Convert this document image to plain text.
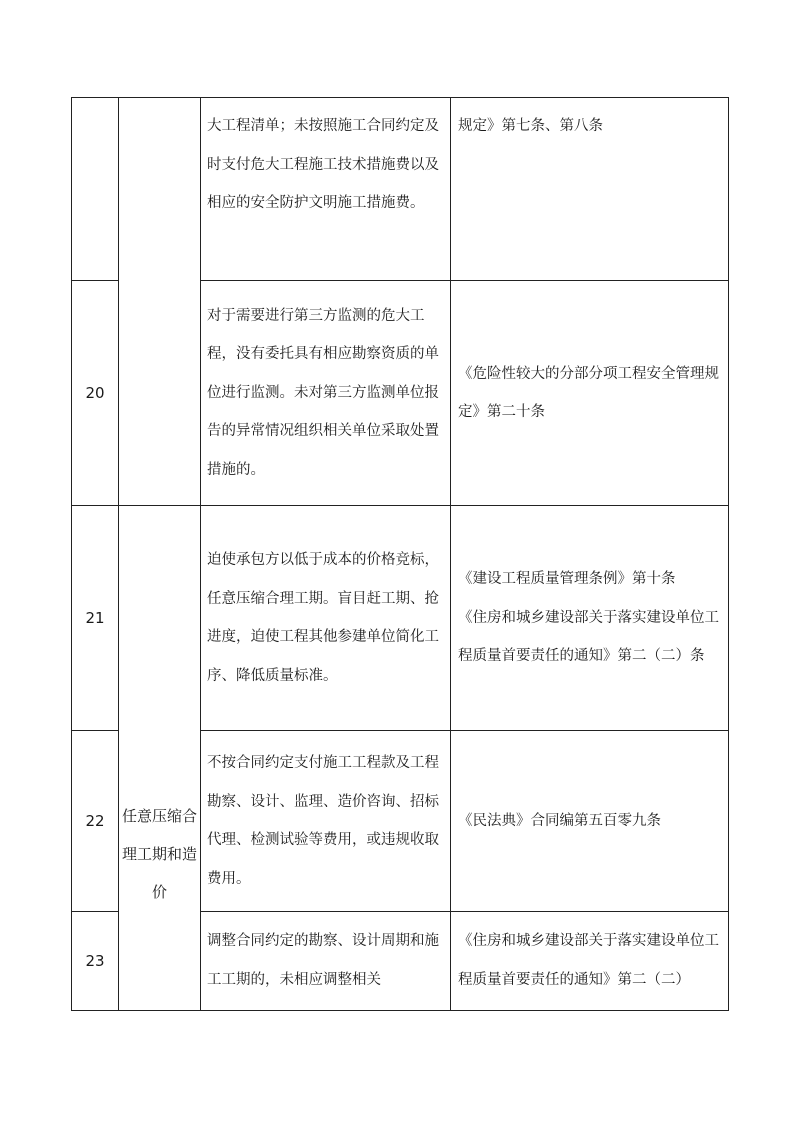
		大工程清单；未按照施工合同约定及时支付危大工程施工技术措施费以及相应的安全防护文明施工措施费。	规定》第七条、第八条

20		对于需要进行第三方监测的危大工程，没有委托具有相应勘察资质的单位进行监测。未对第三方监测单位报告的异常情况组织相关单位采取处置措施的。	《危险性较大的分部分项工程安全管理规定》第二十条
21	任意压缩合理工期和造价	迫使承包方以低于成本的价格竞标，任意压缩合理工期。盲目赶工期、抢进度，迫使工程其他参建单位简化工序、降低质量标准。	《建设工程质量管理条例》第十条
《住房和城乡建设部关于落实建设单位工程质量首要责任的通知》第二（二）条

22		不按合同约定支付施工工程款及工程勘察、设计、监理、造价咨询、招标代理、检测试验等费用，或违规收取费用。	《民法典》合同编第五百零九条
23		调整合同约定的勘察、设计周期和施工工期的，未相应调整相关	《住房和城乡建设部关于落实建设单位工程质量首要责任的通知》第二（二）
